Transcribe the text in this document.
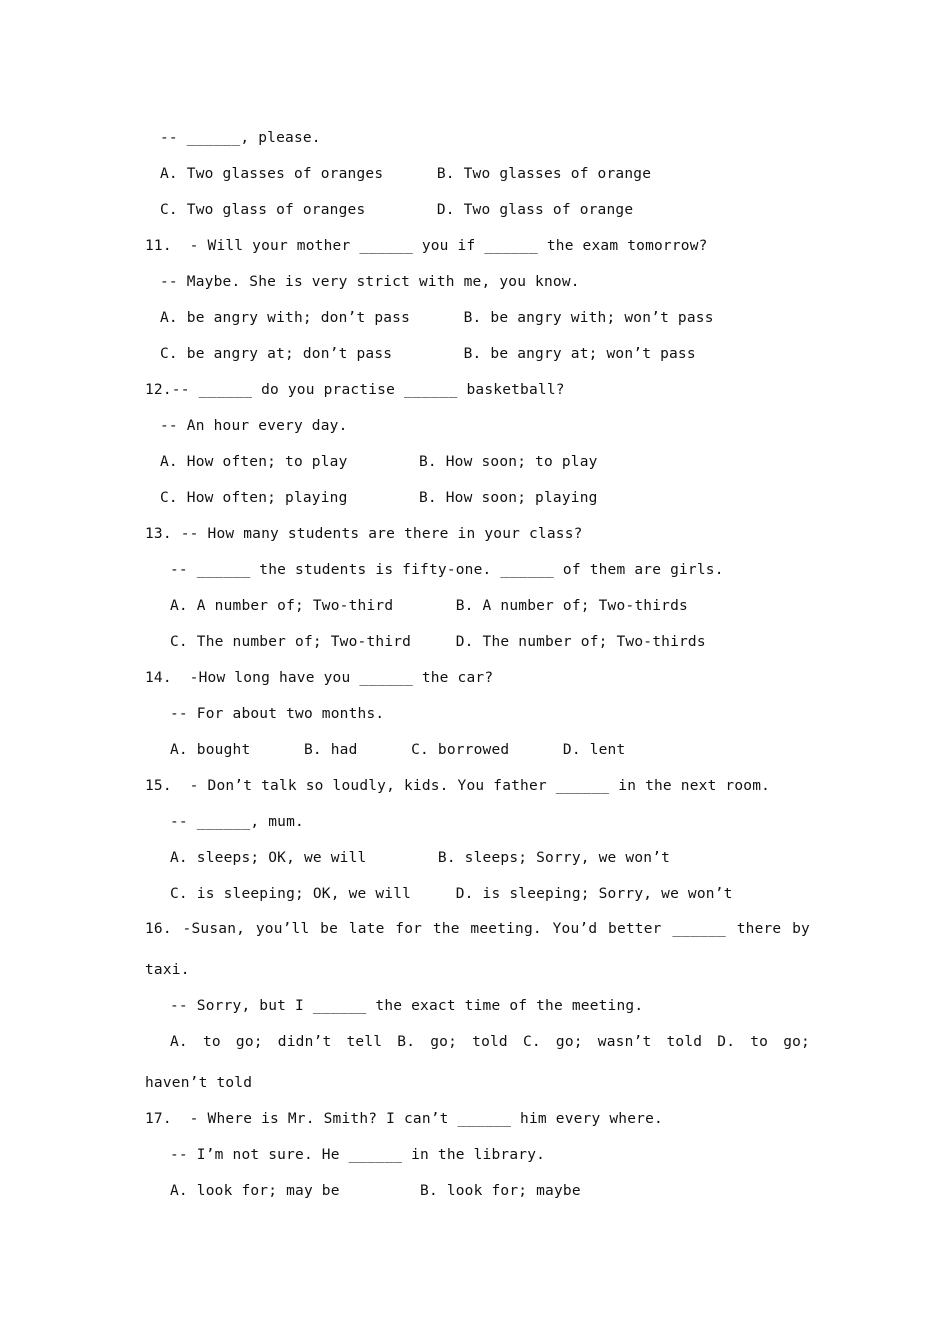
-- ______, please.
A. Two glasses of oranges      B. Two glasses of orange
C. Two glass of oranges        D. Two glass of orange
11.  - Will your mother ______ you if ______ the exam tomorrow?
-- Maybe. She is very strict with me, you know.
A. be angry with; don’t pass      B. be angry with; won’t pass
C. be angry at; don’t pass        B. be angry at; won’t pass
12.-- ______ do you practise ______ basketball?
-- An hour every day.
A. How often; to play        B. How soon; to play
C. How often; playing        B. How soon; playing
13. -- How many students are there in your class?
-- ______ the students is fifty-one. ______ of them are girls.
A. A number of; Two-third       B. A number of; Two-thirds
C. The number of; Two-third     D. The number of; Two-thirds
14.  -How long have you ______ the car?
-- For about two months.
A. bought      B. had      C. borrowed      D. lent
15.  - Don’t talk so loudly, kids. You father ______ in the next room.
-- ______, mum.
A. sleeps; OK, we will        B. sleeps; Sorry, we won’t
C. is sleeping; OK, we will     D. is sleeping; Sorry, we won’t
16. -Susan, you’ll be late for the meeting. You’d better ______ there by
taxi.
-- Sorry, but I ______ the exact time of the meeting.
A. to go; didn’t tell B. go; told C. go; wasn’t told D. to go;
haven’t told
17.  - Where is Mr. Smith? I can’t ______ him every where.
-- I’m not sure. He ______ in the library.
A. look for; may be         B. look for; maybe
